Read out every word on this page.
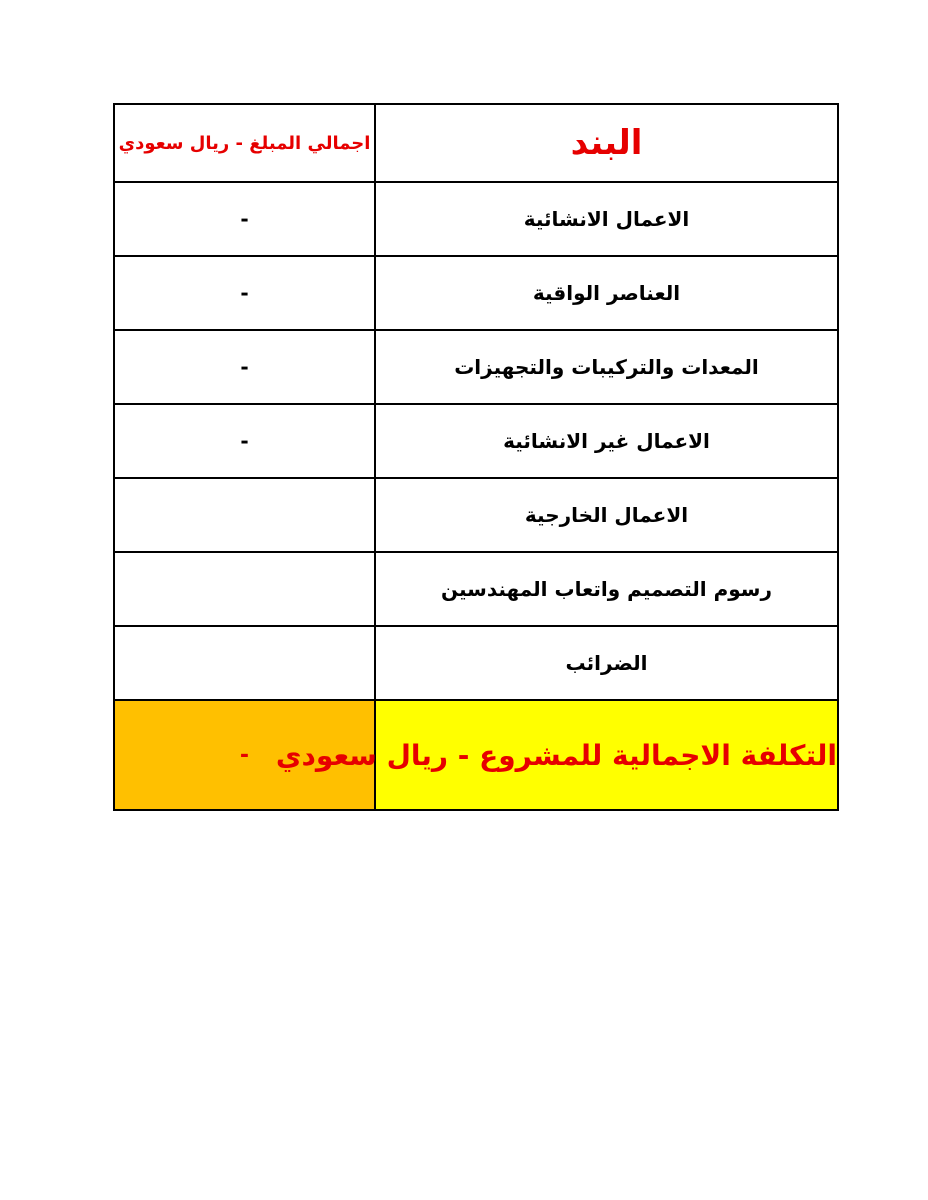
اجمالي المبلغ - ريال سعودي	البند
-	الاعمال الانشائية
-	العناصر الواقية
-	المعدات والتركيبات والتجهيزات
-	الاعمال غير الانشائية
	الاعمال الخارجية
	رسوم التصميم واتعاب المهندسين
	الضرائب
-	التكلفة الاجمالية للمشروع - ريال سعودي
